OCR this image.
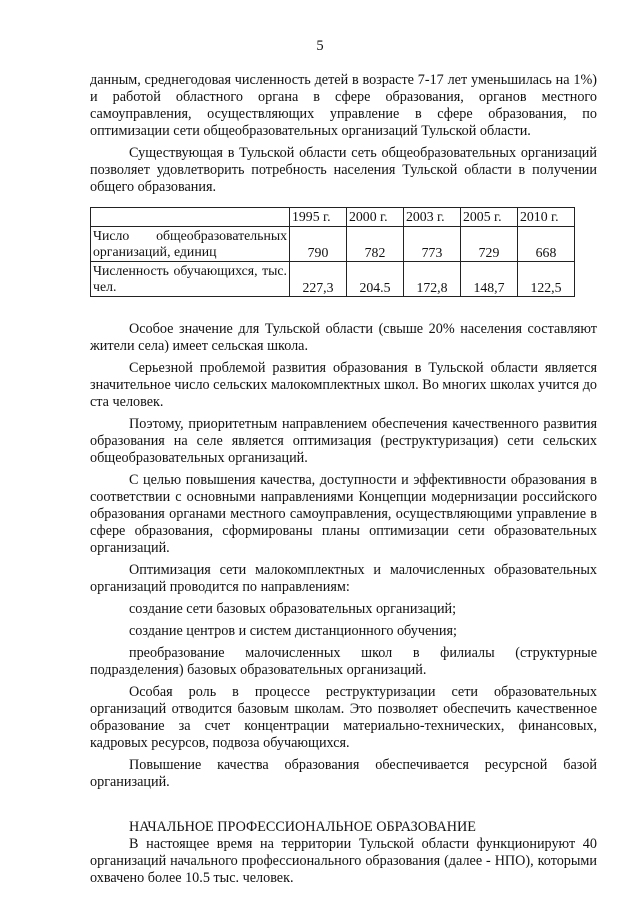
5

данным, среднегодовая численность детей в возрасте 7-17 лет уменьшилась на 1%) и работой областного органа в сфере образования, органов местного самоуправления, осуществляющих управление в сфере образования, по оптимизации сети общеобразовательных организаций Тульской области.

Существующая в Тульской области сеть общеобразовательных организаций позволяет удовлетворить потребность населения Тульской области в получении общего образования.

	1995 г.	2000 г.	2003 г.	2005 г.	2010 г.
Число общеобразовательных организаций, единиц	790	782	773	729	668
Численность обучающихся, тыс. чел.	227,3	204.5	172,8	148,7	122,5

Особое значение для Тульской области (свыше 20% населения составляют жители села) имеет сельская школа.

Серьезной проблемой развития образования в Тульской области является значительное число сельских малокомплектных школ. Во многих школах учится до ста человек.

Поэтому, приоритетным направлением обеспечения качественного развития образования на селе является оптимизация (реструктуризация) сети сельских общеобразовательных организаций.

С целью повышения качества, доступности и эффективности образования в соответствии с основными направлениями Концепции модернизации российского образования органами местного самоуправления, осуществляющими управление в сфере образования, сформированы планы оптимизации сети образовательных организаций.

Оптимизация сети малокомплектных и малочисленных образовательных организаций проводится по направлениям:

создание сети базовых образовательных организаций;

создание центров и систем дистанционного обучения;

преобразование малочисленных школ в филиалы (структурные подразделения) базовых образовательных организаций.

Особая роль в процессе реструктуризации сети образовательных организаций отводится базовым школам. Это позволяет обеспечить качественное образование за счет концентрации материально-технических, финансовых, кадровых ресурсов, подвоза обучающихся.

Повышение качества образования обеспечивается ресурсной базой организаций.

НАЧАЛЬНОЕ ПРОФЕССИОНАЛЬНОЕ ОБРАЗОВАНИЕ

В настоящее время на территории Тульской области функционируют 40 организаций начального профессионального образования (далее - НПО), которыми охвачено более 10.5 тыс. человек.
